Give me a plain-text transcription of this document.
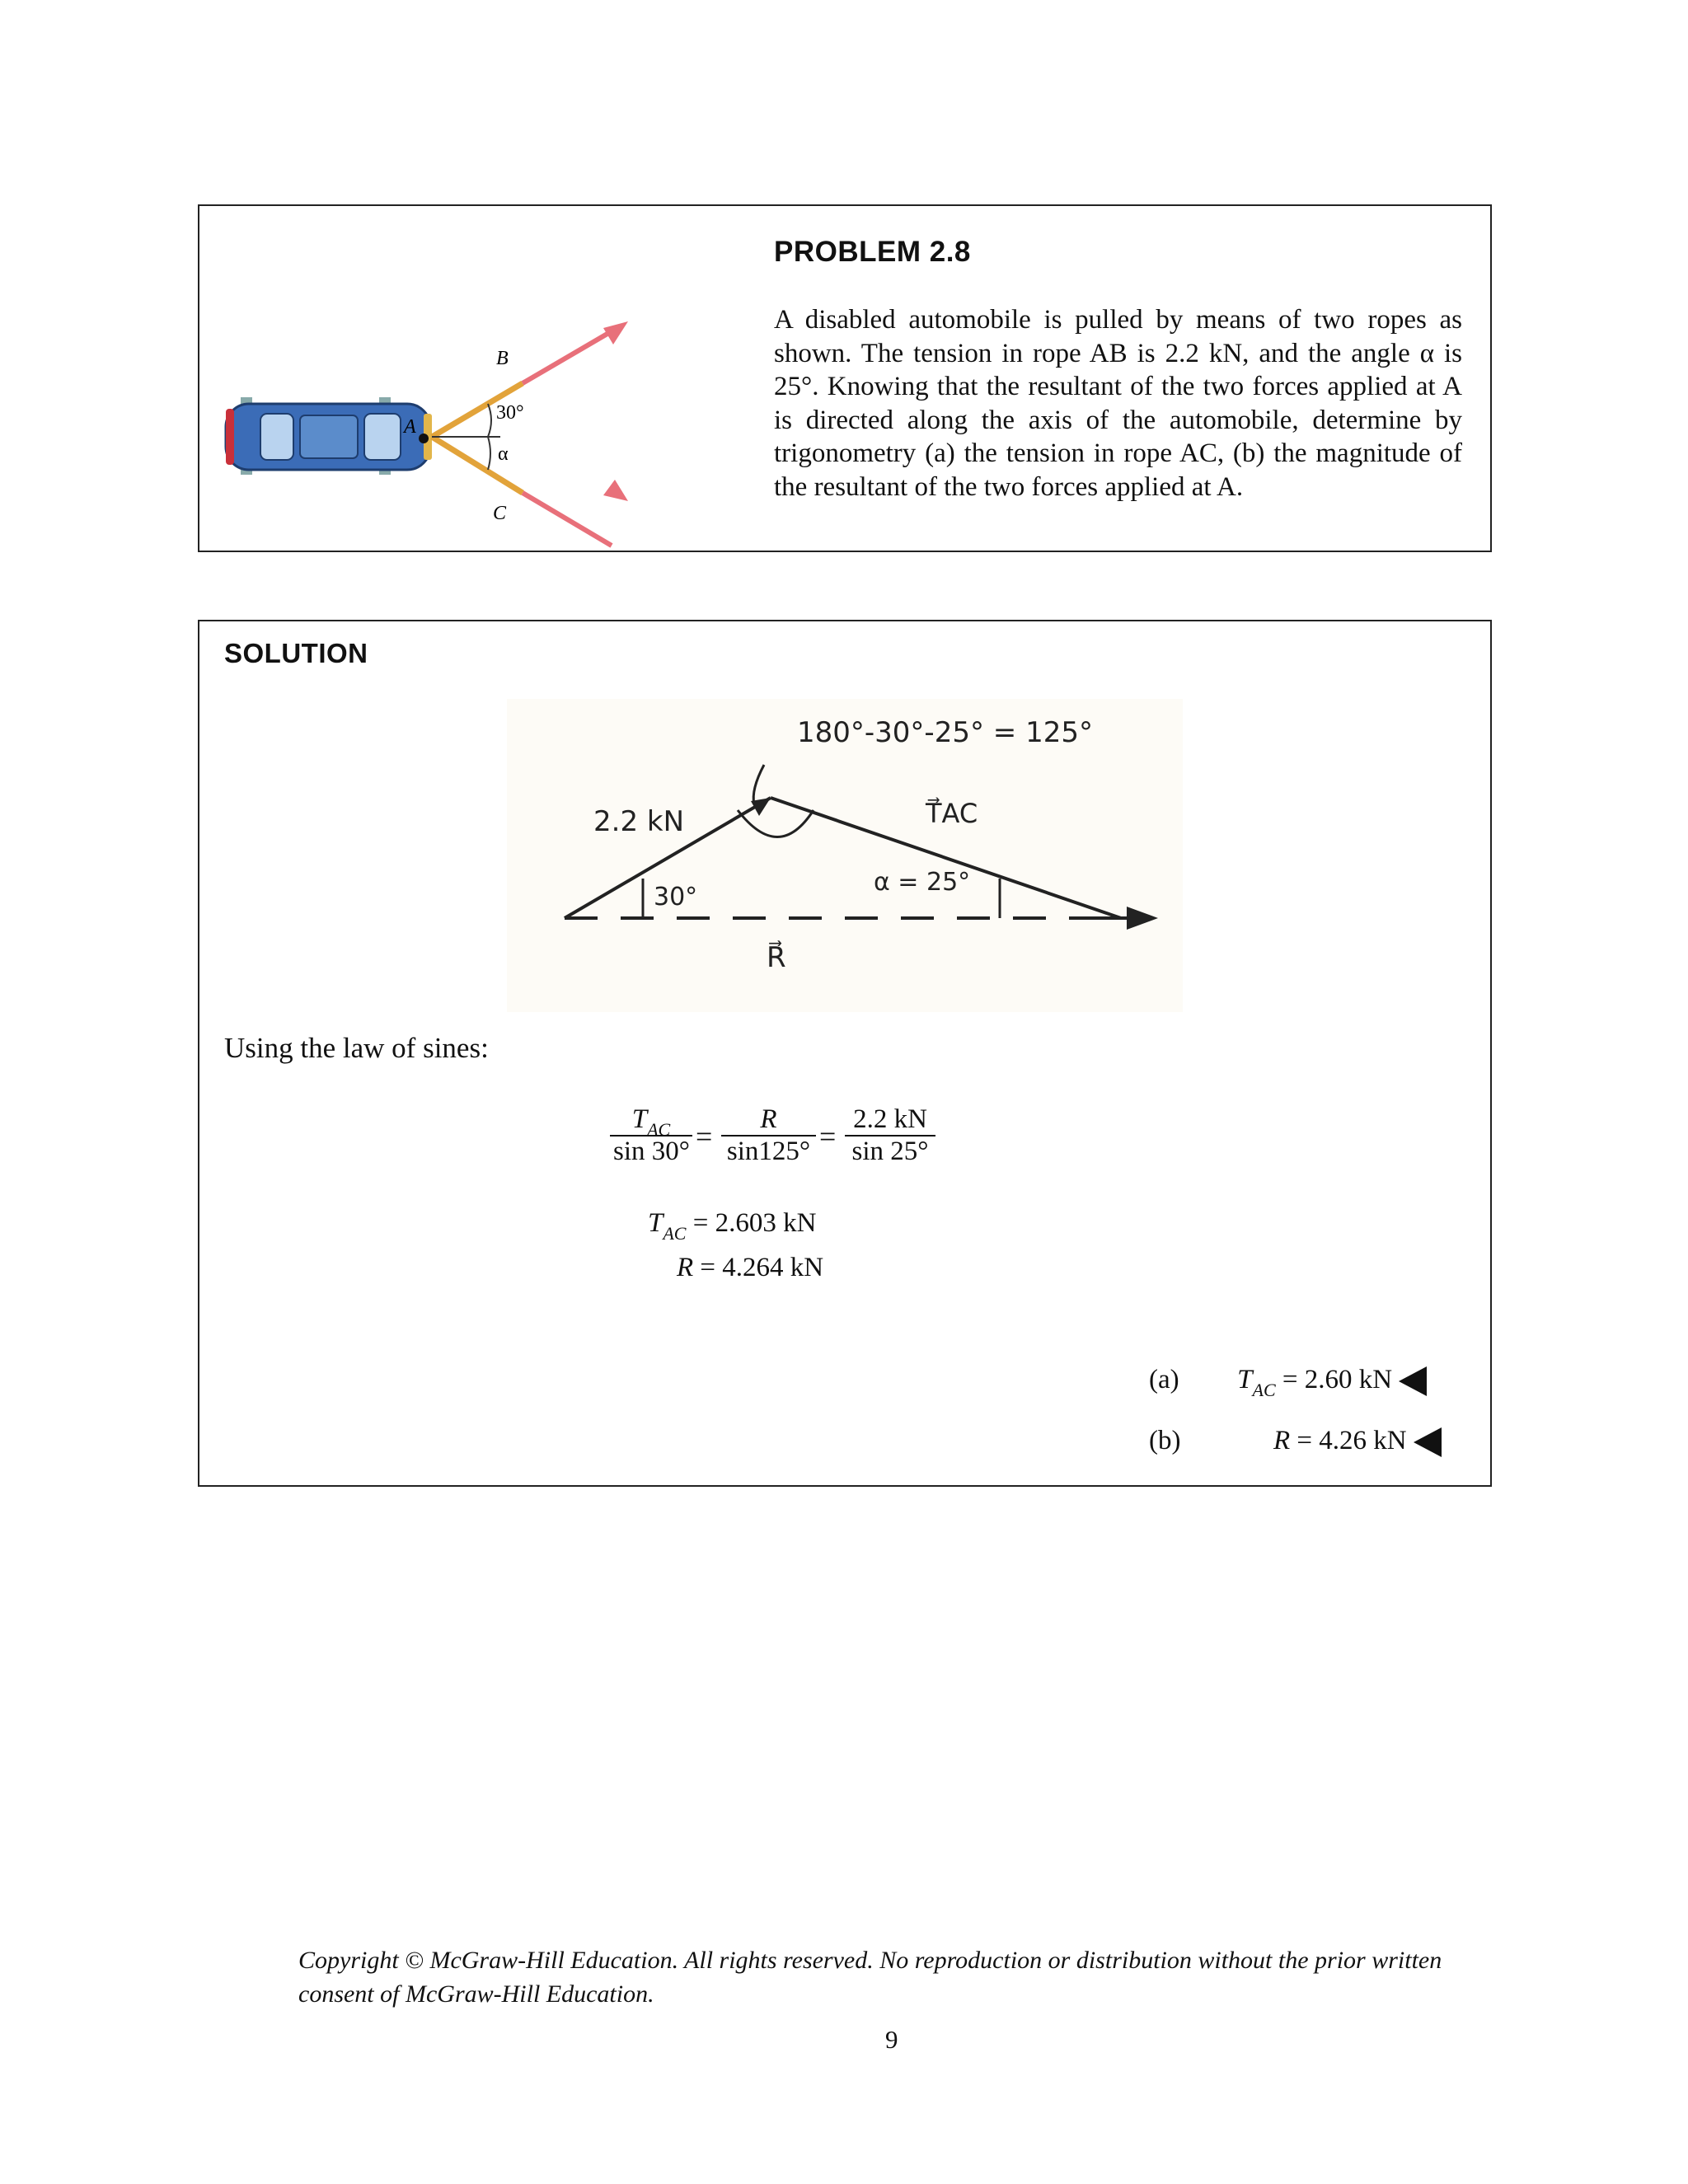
PROBLEM 2.8
A disabled automobile is pulled by means of two ropes as shown. The tension in rope AB is 2.2 kN, and the angle α is 25°. Knowing that the resultant of the two forces applied at A is directed along the axis of the automobile, determine by trigonometry (a) the tension in rope AC, (b) the magnitude of the resultant of the two forces applied at A.
A
B
C
30°
α
SOLUTION
180°-30°-25° = 125°
2.2 kN	T⃗AC
30°
α = 25°
R⃗
Using the law of sines:
$T_{AC}$
$\sin 30^\circ = \frac{R}{\sin 125^\circ} = \frac{2.2 kN}{\sin 25^\circ}$
$T_{AC} = 2.603$ kN
R = 4.264 kN
(a) $T_{AC} = 2.60$ kN
(b)	R = 4.26 kN
Copyright © McGraw-Hill Education. All rights reserved. No reproduction or distribution without the prior written consent of McGraw-Hill Education.
9
